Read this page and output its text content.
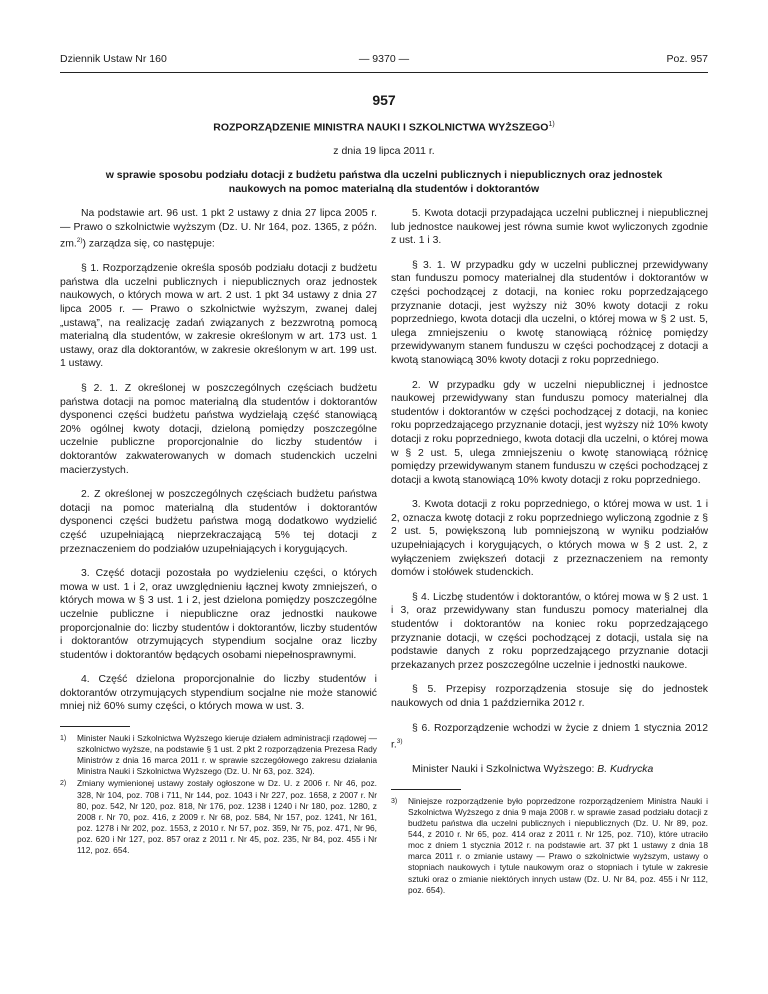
Dziennik Ustaw Nr 160	— 9370 —	Poz. 957
957
ROZPORZĄDZENIE MINISTRA NAUKI I SZKOLNICTWA WYŻSZEGO$^{1)}$
z dnia 19 lipca 2011 r.
w sprawie sposobu podziału dotacji z budżetu państwa dla uczelni publicznych i niepublicznych oraz jednostek naukowych na pomoc materialną dla studentów i doktorantów

Na podstawie art. 96 ust. 1 pkt 2 ustawy z dnia 27 lipca 2005 r. — Prawo o szkolnictwie wyższym (Dz. U. Nr 164, poz. 1365, z późn. zm.$^{2)}$) zarządza się, co następuje:

§ 1. Rozporządzenie określa sposób podziału dotacji z budżetu państwa dla uczelni publicznych i niepublicznych oraz jednostek naukowych, o których mowa w art. 2 ust. 1 pkt 34 ustawy z dnia 27 lipca 2005 r. — Prawo o szkolnictwie wyższym, zwanej dalej „ustawą”, na realizację zadań związanych z bezzwrotną pomocą materialną dla studentów, w zakresie określonym w art. 173 ust. 1 ustawy, oraz dla doktorantów, w zakresie określonym w art. 199 ust. 1 ustawy.

§ 2. 1. Z określonej w poszczególnych częściach budżetu państwa dotacji na pomoc materialną dla studentów i doktorantów dysponenci części budżetu państwa wydzielają część stanowiącą 20% ogólnej kwoty dotacji, dzieloną pomiędzy poszczególne uczelnie publiczne proporcjonalnie do liczby studentów i doktorantów zakwaterowanych w domach studenckich uczelni macierzystych.

2. Z określonej w poszczególnych częściach budżetu państwa dotacji na pomoc materialną dla studentów i doktorantów dysponenci części budżetu państwa mogą dodatkowo wydzielić część uzupełniającą nieprzekraczającą 5% tej dotacji z przeznaczeniem do podziałów uzupełniających i korygujących.

3. Część dotacji pozostała po wydzieleniu części, o których mowa w ust. 1 i 2, oraz uwzględnieniu łącznej kwoty zmniejszeń, o których mowa w § 3 ust. 1 i 2, jest dzielona pomiędzy poszczególne uczelnie publiczne i niepubliczne oraz jednostki naukowe proporcjonalnie do: liczby studentów i doktorantów, liczby studentów i doktorantów otrzymujących stypendium socjalne oraz liczby studentów i doktorantów będących osobami niepełnosprawnymi.

4. Część dzielona proporcjonalnie do liczby studentów i doktorantów otrzymujących stypendium socjalne nie może stanowić mniej niż 60% sumy części, o których mowa w ust. 3.

1)	Minister Nauki i Szkolnictwa Wyższego kieruje działem administracji rządowej — szkolnictwo wyższe, na podstawie § 1 ust. 2 pkt 2 rozporządzenia Prezesa Rady Ministrów z dnia 16 marca 2011 r. w sprawie szczegółowego zakresu działania Ministra Nauki i Szkolnictwa Wyższego (Dz. U. Nr 63, poz. 324).
2)	Zmiany wymienionej ustawy zostały ogłoszone w Dz. U. z 2006 r. Nr 46, poz. 328, Nr 104, poz. 708 i 711, Nr 144, poz. 1043 i Nr 227, poz. 1658, z 2007 r. Nr 80, poz. 542, Nr 120, poz. 818, Nr 176, poz. 1238 i 1240 i Nr 180, poz. 1280, z 2008 r. Nr 70, poz. 416, z 2009 r. Nr 68, poz. 584, Nr 157, poz. 1241, Nr 161, poz. 1278 i Nr 202, poz. 1553, z 2010 r. Nr 57, poz. 359, Nr 75, poz. 471, Nr 96, poz. 620 i Nr 127, poz. 857 oraz z 2011 r. Nr 45, poz. 235, Nr 84, poz. 455 i Nr 112, poz. 654.

5. Kwota dotacji przypadająca uczelni publicznej i niepublicznej lub jednostce naukowej jest równa sumie kwot wyliczonych zgodnie z ust. 1 i 3.

§ 3. 1. W przypadku gdy w uczelni publicznej przewidywany stan funduszu pomocy materialnej dla studentów i doktorantów w części pochodzącej z dotacji, na koniec roku poprzedzającego przyznanie dotacji, jest wyższy niż 30% kwoty dotacji z roku poprzedniego, kwota dotacji dla uczelni, o której mowa w § 2 ust. 5, ulega zmniejszeniu o kwotę stanowiącą różnicę pomiędzy przewidywanym stanem funduszu w części pochodzącej z dotacji a kwotą stanowiącą 30% kwoty dotacji z roku poprzedniego.

2. W przypadku gdy w uczelni niepublicznej i jednostce naukowej przewidywany stan funduszu pomocy materialnej dla studentów i doktorantów w części pochodzącej z dotacji, na koniec roku poprzedzającego przyznanie dotacji, jest wyższy niż 10% kwoty dotacji z roku poprzedniego, kwota dotacji dla uczelni, o której mowa w § 2 ust. 5, ulega zmniejszeniu o kwotę stanowiącą różnicę pomiędzy przewidywanym stanem funduszu w części pochodzącej z dotacji a kwotą stanowiącą 10% kwoty dotacji z roku poprzedniego.

3. Kwota dotacji z roku poprzedniego, o której mowa w ust. 1 i 2, oznacza kwotę dotacji z roku poprzedniego wyliczoną zgodnie z § 2 ust. 5, powiększoną lub pomniejszoną w wyniku podziałów uzupełniających i korygujących, o których mowa w § 2 ust. 2, z wyłączeniem zwiększeń dotacji z przeznaczeniem na remonty domów i stołówek studenckich.

§ 4. Liczbę studentów i doktorantów, o której mowa w § 2 ust. 1 i 3, oraz przewidywany stan funduszu pomocy materialnej dla studentów i doktorantów na koniec roku poprzedzającego przyznanie dotacji, w części pochodzącej z dotacji, ustala się na podstawie danych z roku poprzedzającego przyznanie dotacji przekazanych przez poszczególne uczelnie i jednostki naukowe.

§ 5. Przepisy rozporządzenia stosuje się do jednostek naukowych od dnia 1 października 2012 r.

§ 6. Rozporządzenie wchodzi w życie z dniem 1 stycznia 2012 r.$^{3)}$

Minister Nauki i Szkolnictwa Wyższego: B. Kudrycka

3)	Niniejsze rozporządzenie było poprzedzone rozporządzeniem Ministra Nauki i Szkolnictwa Wyższego z dnia 9 maja 2008 r. w sprawie zasad podziału dotacji z budżetu państwa dla uczelni publicznych i niepublicznych (Dz. U. Nr 89, poz. 544, z 2010 r. Nr 65, poz. 414 oraz z 2011 r. Nr 125, poz. 710), które utraciło moc z dniem 1 stycznia 2012 r. na podstawie art. 37 pkt 1 ustawy z dnia 18 marca 2011 r. o zmianie ustawy — Prawo o szkolnictwie wyższym, ustawy o stopniach naukowych i tytule naukowym oraz o stopniach i tytule w zakresie sztuki oraz o zmianie niektórych innych ustaw (Dz. U. Nr 84, poz. 455 i Nr 112, poz. 654).
